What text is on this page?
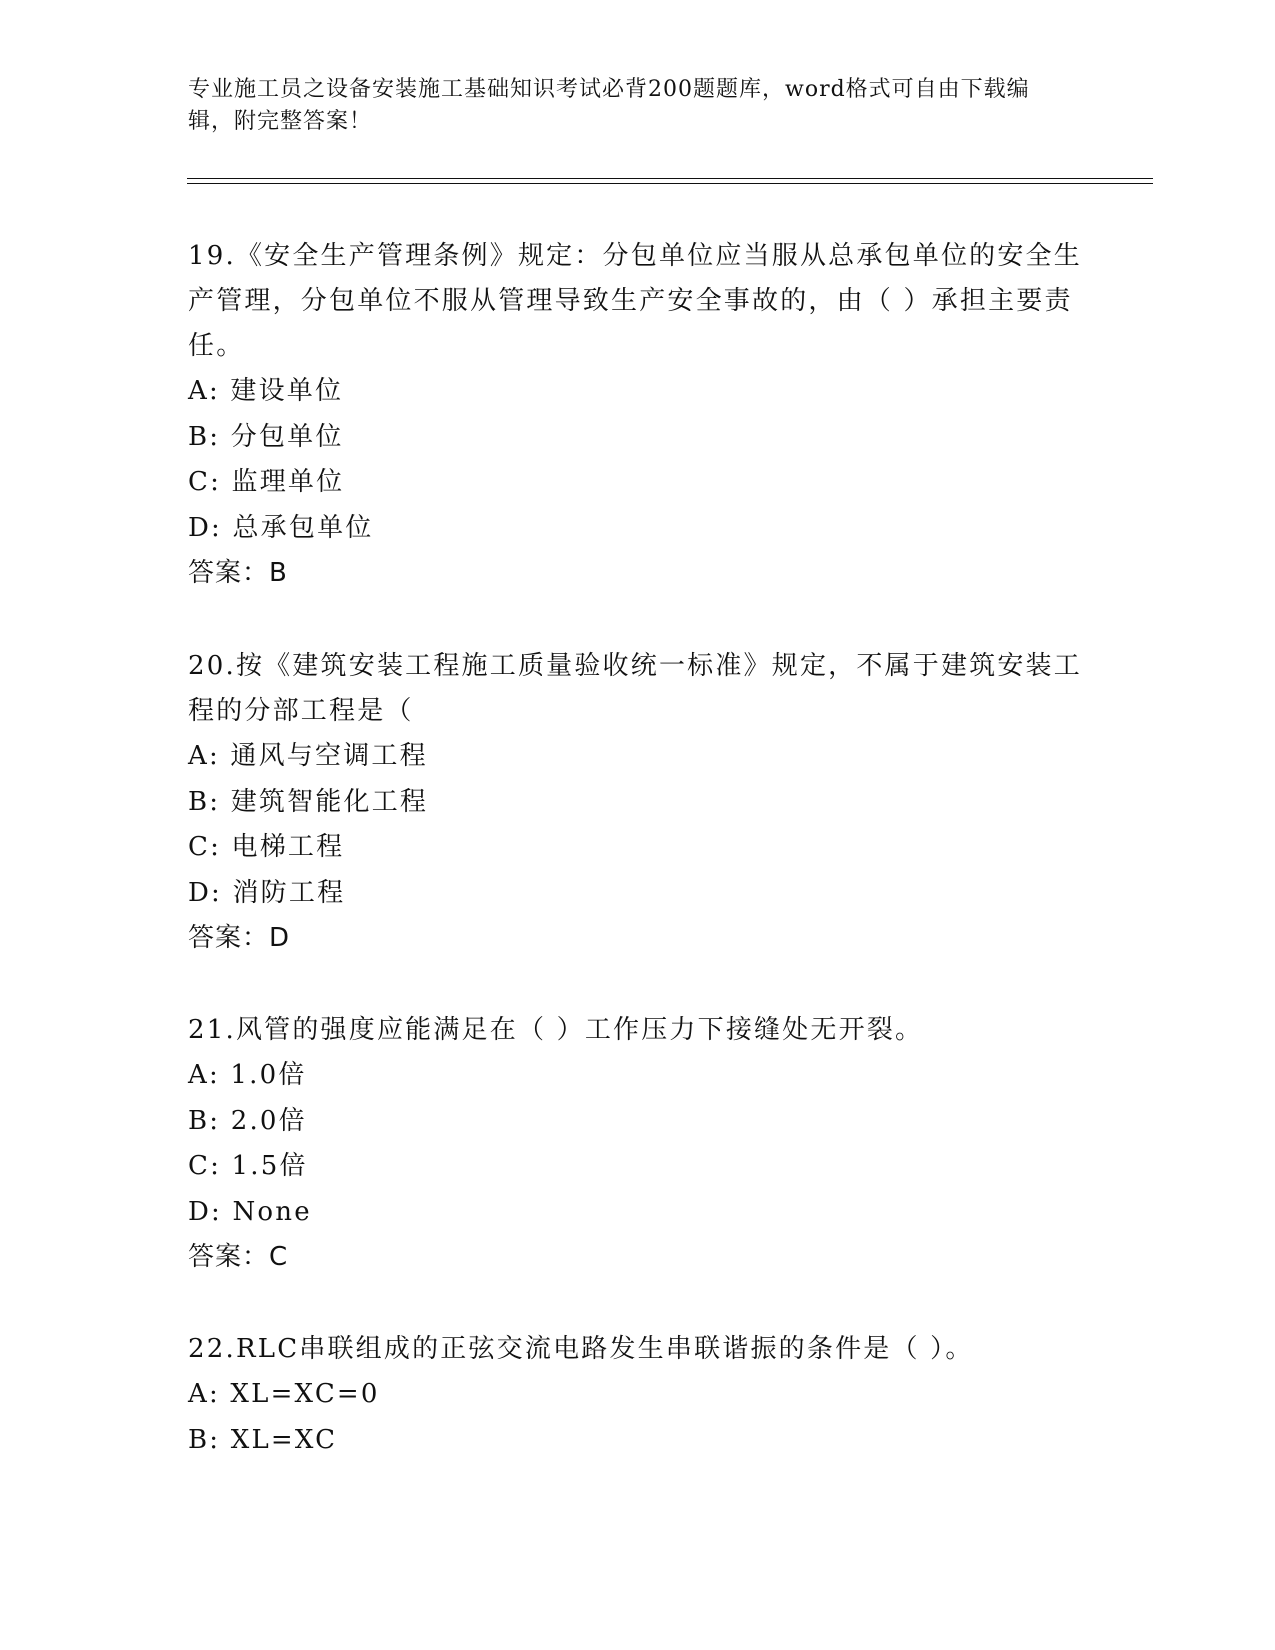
专业施工员之设备安装施工基础知识考试必背200题题库，word格式可自由下载编辑，附完整答案！

19.《安全生产管理条例》规定：分包单位应当服从总承包单位的安全生产管理，分包单位不服从管理导致生产安全事故的，由（ ）承担主要责任。

A: 建设单位

B: 分包单位

C: 监理单位

D: 总承包单位

答案：B

20.按《建筑安装工程施工质量验收统一标准》规定，不属于建筑安装工程的分部工程是（

A: 通风与空调工程

B: 建筑智能化工程

C: 电梯工程

D: 消防工程

答案：D

21.风管的强度应能满足在（ ）工作压力下接缝处无开裂。

A: 1.0倍

B: 2.0倍

C: 1.5倍

D: None

答案：C

22.RLC串联组成的正弦交流电路发生串联谐振的条件是（ ）。

A: XL=XC=0

B: XL=XC
